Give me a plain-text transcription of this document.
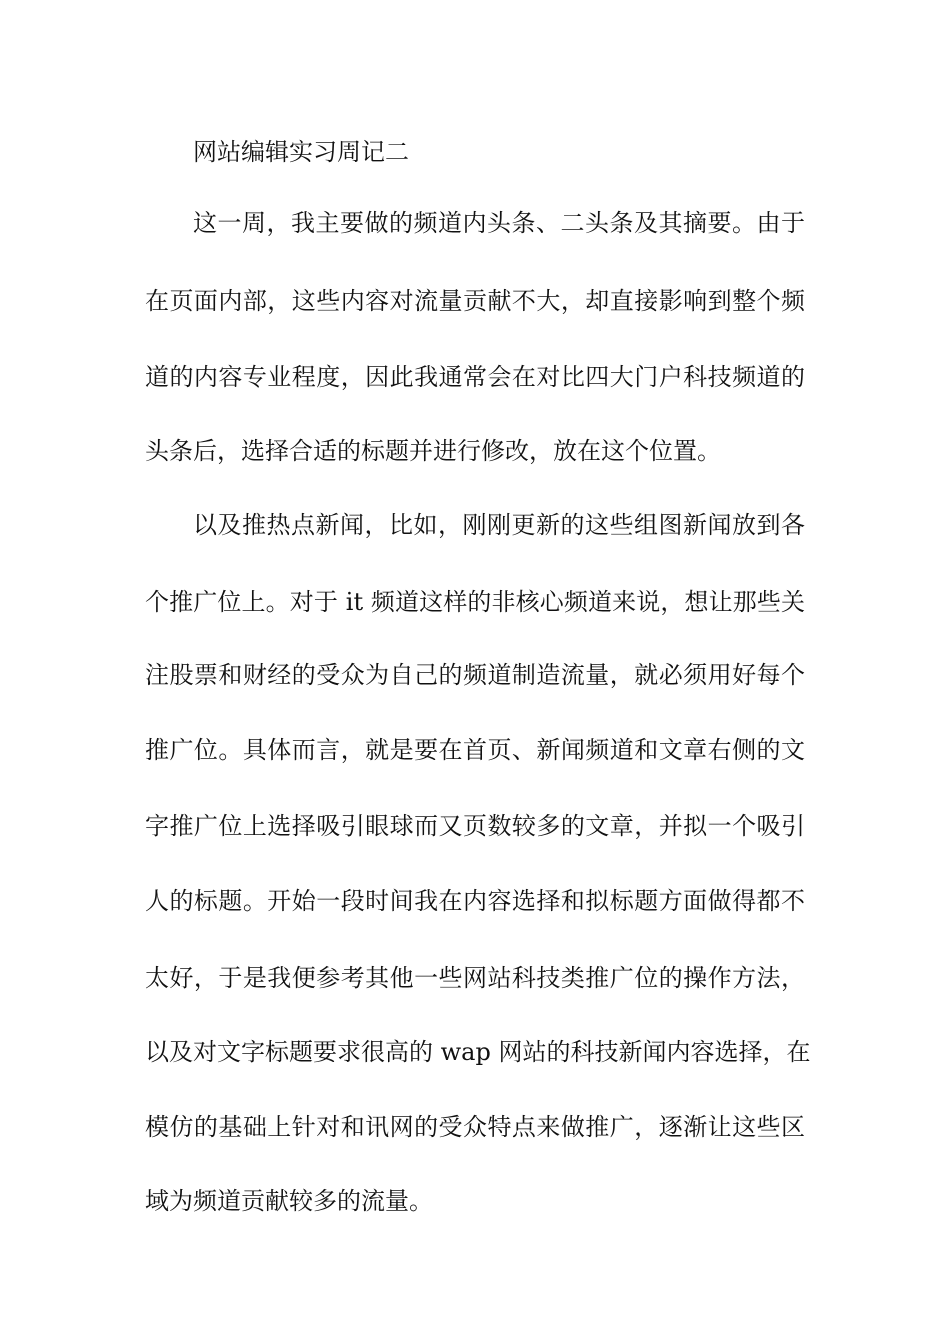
网站编辑实习周记二

这一周，我主要做的频道内头条、二头条及其摘要。由于

在页面内部，这些内容对流量贡献不大，却直接影响到整个频

道的内容专业程度，因此我通常会在对比四大门户科技频道的

头条后，选择合适的标题并进行修改，放在这个位置。

以及推热点新闻，比如，刚刚更新的这些组图新闻放到各

个推广位上。对于 it 频道这样的非核心频道来说，想让那些关

注股票和财经的受众为自己的频道制造流量，就必须用好每个

推广位。具体而言，就是要在首页、新闻频道和文章右侧的文

字推广位上选择吸引眼球而又页数较多的文章，并拟一个吸引

人的标题。开始一段时间我在内容选择和拟标题方面做得都不

太好，于是我便参考其他一些网站科技类推广位的操作方法，

以及对文字标题要求很高的 wap 网站的科技新闻内容选择，在

模仿的基础上针对和讯网的受众特点来做推广，逐渐让这些区

域为频道贡献较多的流量。
